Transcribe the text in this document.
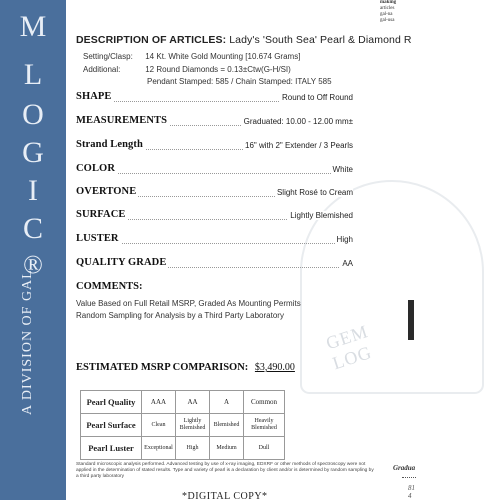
M
L
O
G
I
C
®
A DIVISION OF GAL	GEM LOG
making
articles
gal-na
gal-usa
Gradua
81 4
DESCRIPTION OF ARTICLES: Lady's 'South Sea' Pearl & Diamond R
Setting/Clasp: 14 Kt. White Gold Mounting [10.674 Grams]
Additional:	12 Round Diamonds = 0.13±Ctw(G-H/SI)
Pendant Stamped: 585 / Chain Stamped: ITALY 585
SHAPE	Round to Off Round
MEASUREMENTS	Graduated: 10.00 - 12.00 mm±
Strand Length	16" with 2" Extender / 3 Pearls
COLOR	White
OVERTONE	Slight Rosé to Cream
SURFACE	Lightly Blemished
LUSTER	High
QUALITY GRADE	AA
COMMENTS:
Value Based on Full Retail MSRP, Graded As Mounting Permits
Random Sampling for Analysis by a Third Party Laboratory
ESTIMATED MSRP COMPARISON: $3,490.00
Pearl Quality	AAA	AA	A	Common
Pearl Surface	Clean	Lightly Blemished	Blemished	Heavily Blemished
Pearl Luster	Exceptional	High	Medium	Dull
Standard microscopic analysis performed. Advanced testing by use of x-ray imaging, EDXRF or other methods of spectroscopy were not applied in the determination of stated results. Type and variety of pearl is a declaration by client and/or is determined by random sampling by a third party laboratory
*DIGITAL COPY*
